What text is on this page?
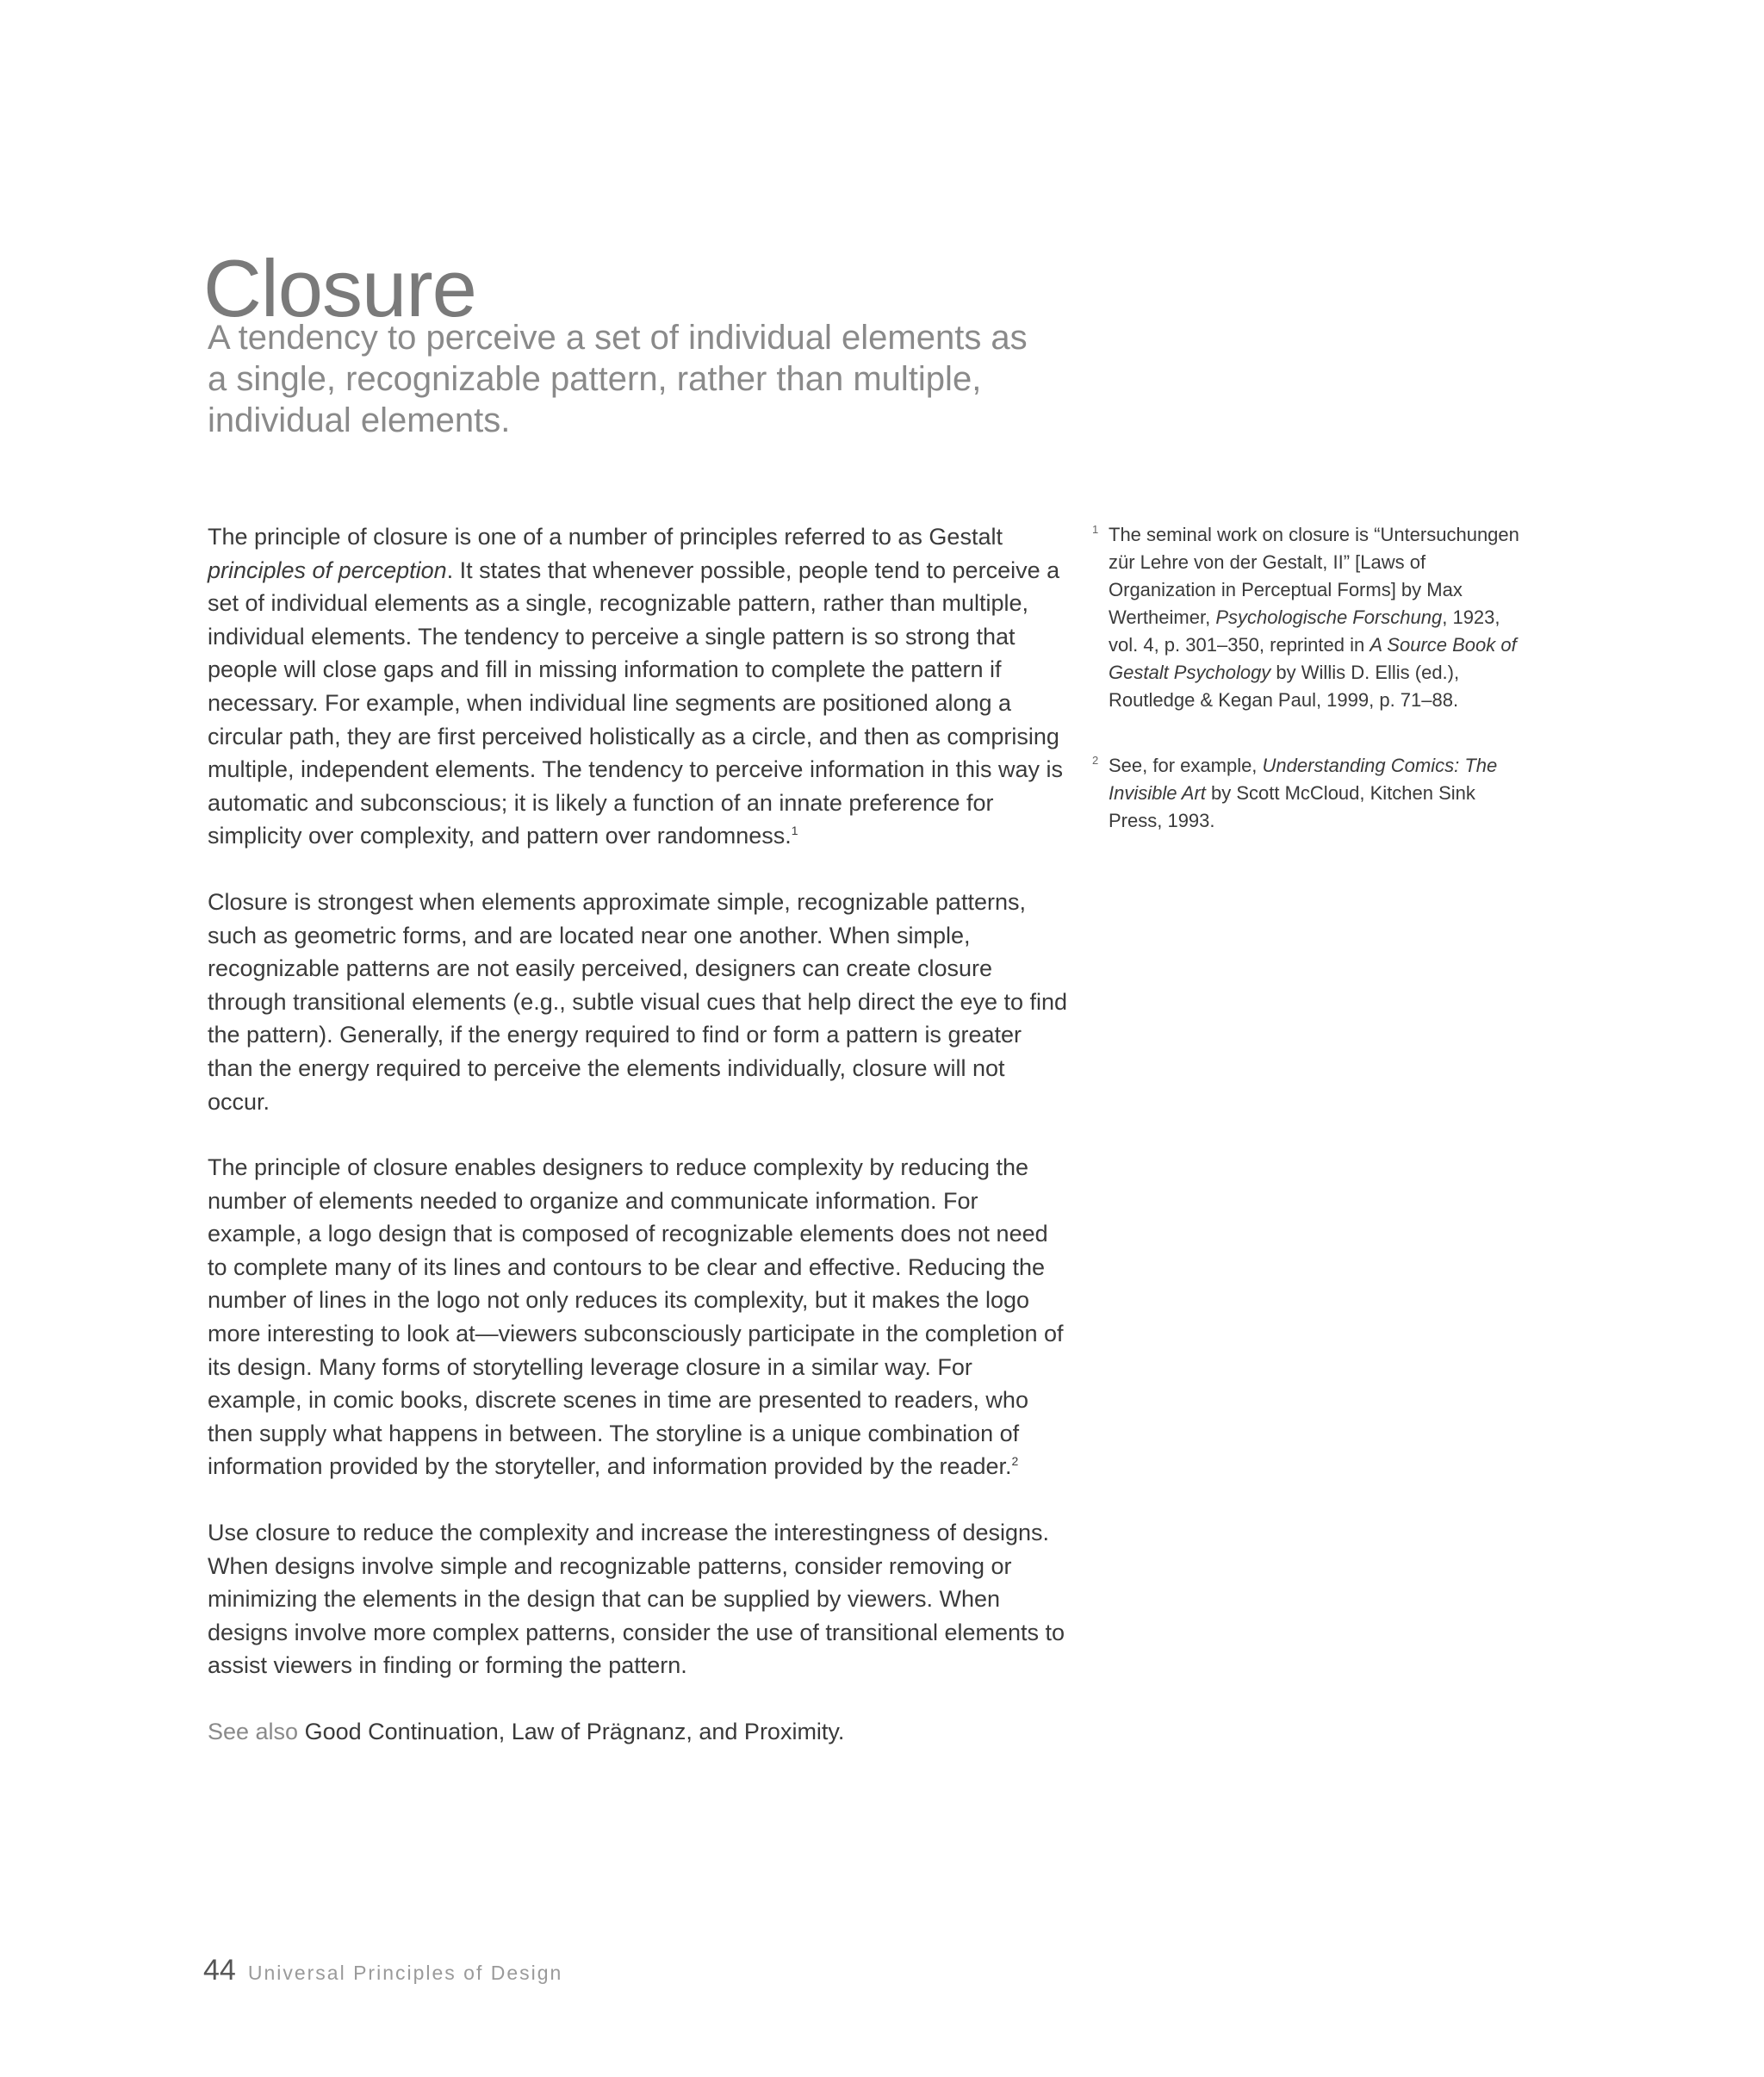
Closure
A tendency to perceive a set of individual elements as a single, recognizable pattern, rather than multiple, individual elements.

The principle of closure is one of a number of principles referred to as Gestalt principles of perception. It states that whenever possible, people tend to perceive a set of individual elements as a single, recognizable pattern, rather than multiple, individual elements. The tendency to perceive a single pattern is so strong that people will close gaps and fill in missing information to complete the pattern if necessary. For example, when individual line segments are positioned along a circular path, they are first perceived holistically as a circle, and then as comprising multiple, independent elements. The tendency to perceive information in this way is automatic and subconscious; it is likely a function of an innate preference for simplicity over complexity, and pattern over randomness.$^1$

Closure is strongest when elements approximate simple, recognizable patterns, such as geometric forms, and are located near one another. When simple, recognizable patterns are not easily perceived, designers can create closure through transitional elements (e.g., subtle visual cues that help direct the eye to find the pattern). Generally, if the energy required to find or form a pattern is greater than the energy required to perceive the elements individually, closure will not occur.

The principle of closure enables designers to reduce complexity by reducing the number of elements needed to organize and communicate information. For example, a logo design that is composed of recognizable elements does not need to complete many of its lines and contours to be clear and effective. Reducing the number of lines in the logo not only reduces its complexity, but it makes the logo more interesting to look at—viewers subconsciously participate in the completion of its design. Many forms of storytelling leverage closure in a similar way. For example, in comic books, discrete scenes in time are presented to readers, who then supply what happens in between. The storyline is a unique combination of information provided by the storyteller, and information provided by the reader.$^2$

Use closure to reduce the complexity and increase the interestingness of designs. When designs involve simple and recognizable patterns, consider removing or minimizing the elements in the design that can be supplied by viewers. When designs involve more complex patterns, consider the use of transitional elements to assist viewers in finding or forming the pattern.

See also Good Continuation, Law of Prägnanz, and Proximity.

1 The seminal work on closure is “Untersuchungen zür Lehre von der Gestalt, II” [Laws of Organization in Perceptual Forms] by Max Wertheimer, Psychologische Forschung, 1923, vol. 4, p. 301–350, reprinted in A Source Book of Gestalt Psychology by Willis D. Ellis (ed.), Routledge & Kegan Paul, 1999, p. 71–88.
2 See, for example, Understanding Comics: The Invisible Art by Scott McCloud, Kitchen Sink Press, 1993.
44 Universal Principles of Design
